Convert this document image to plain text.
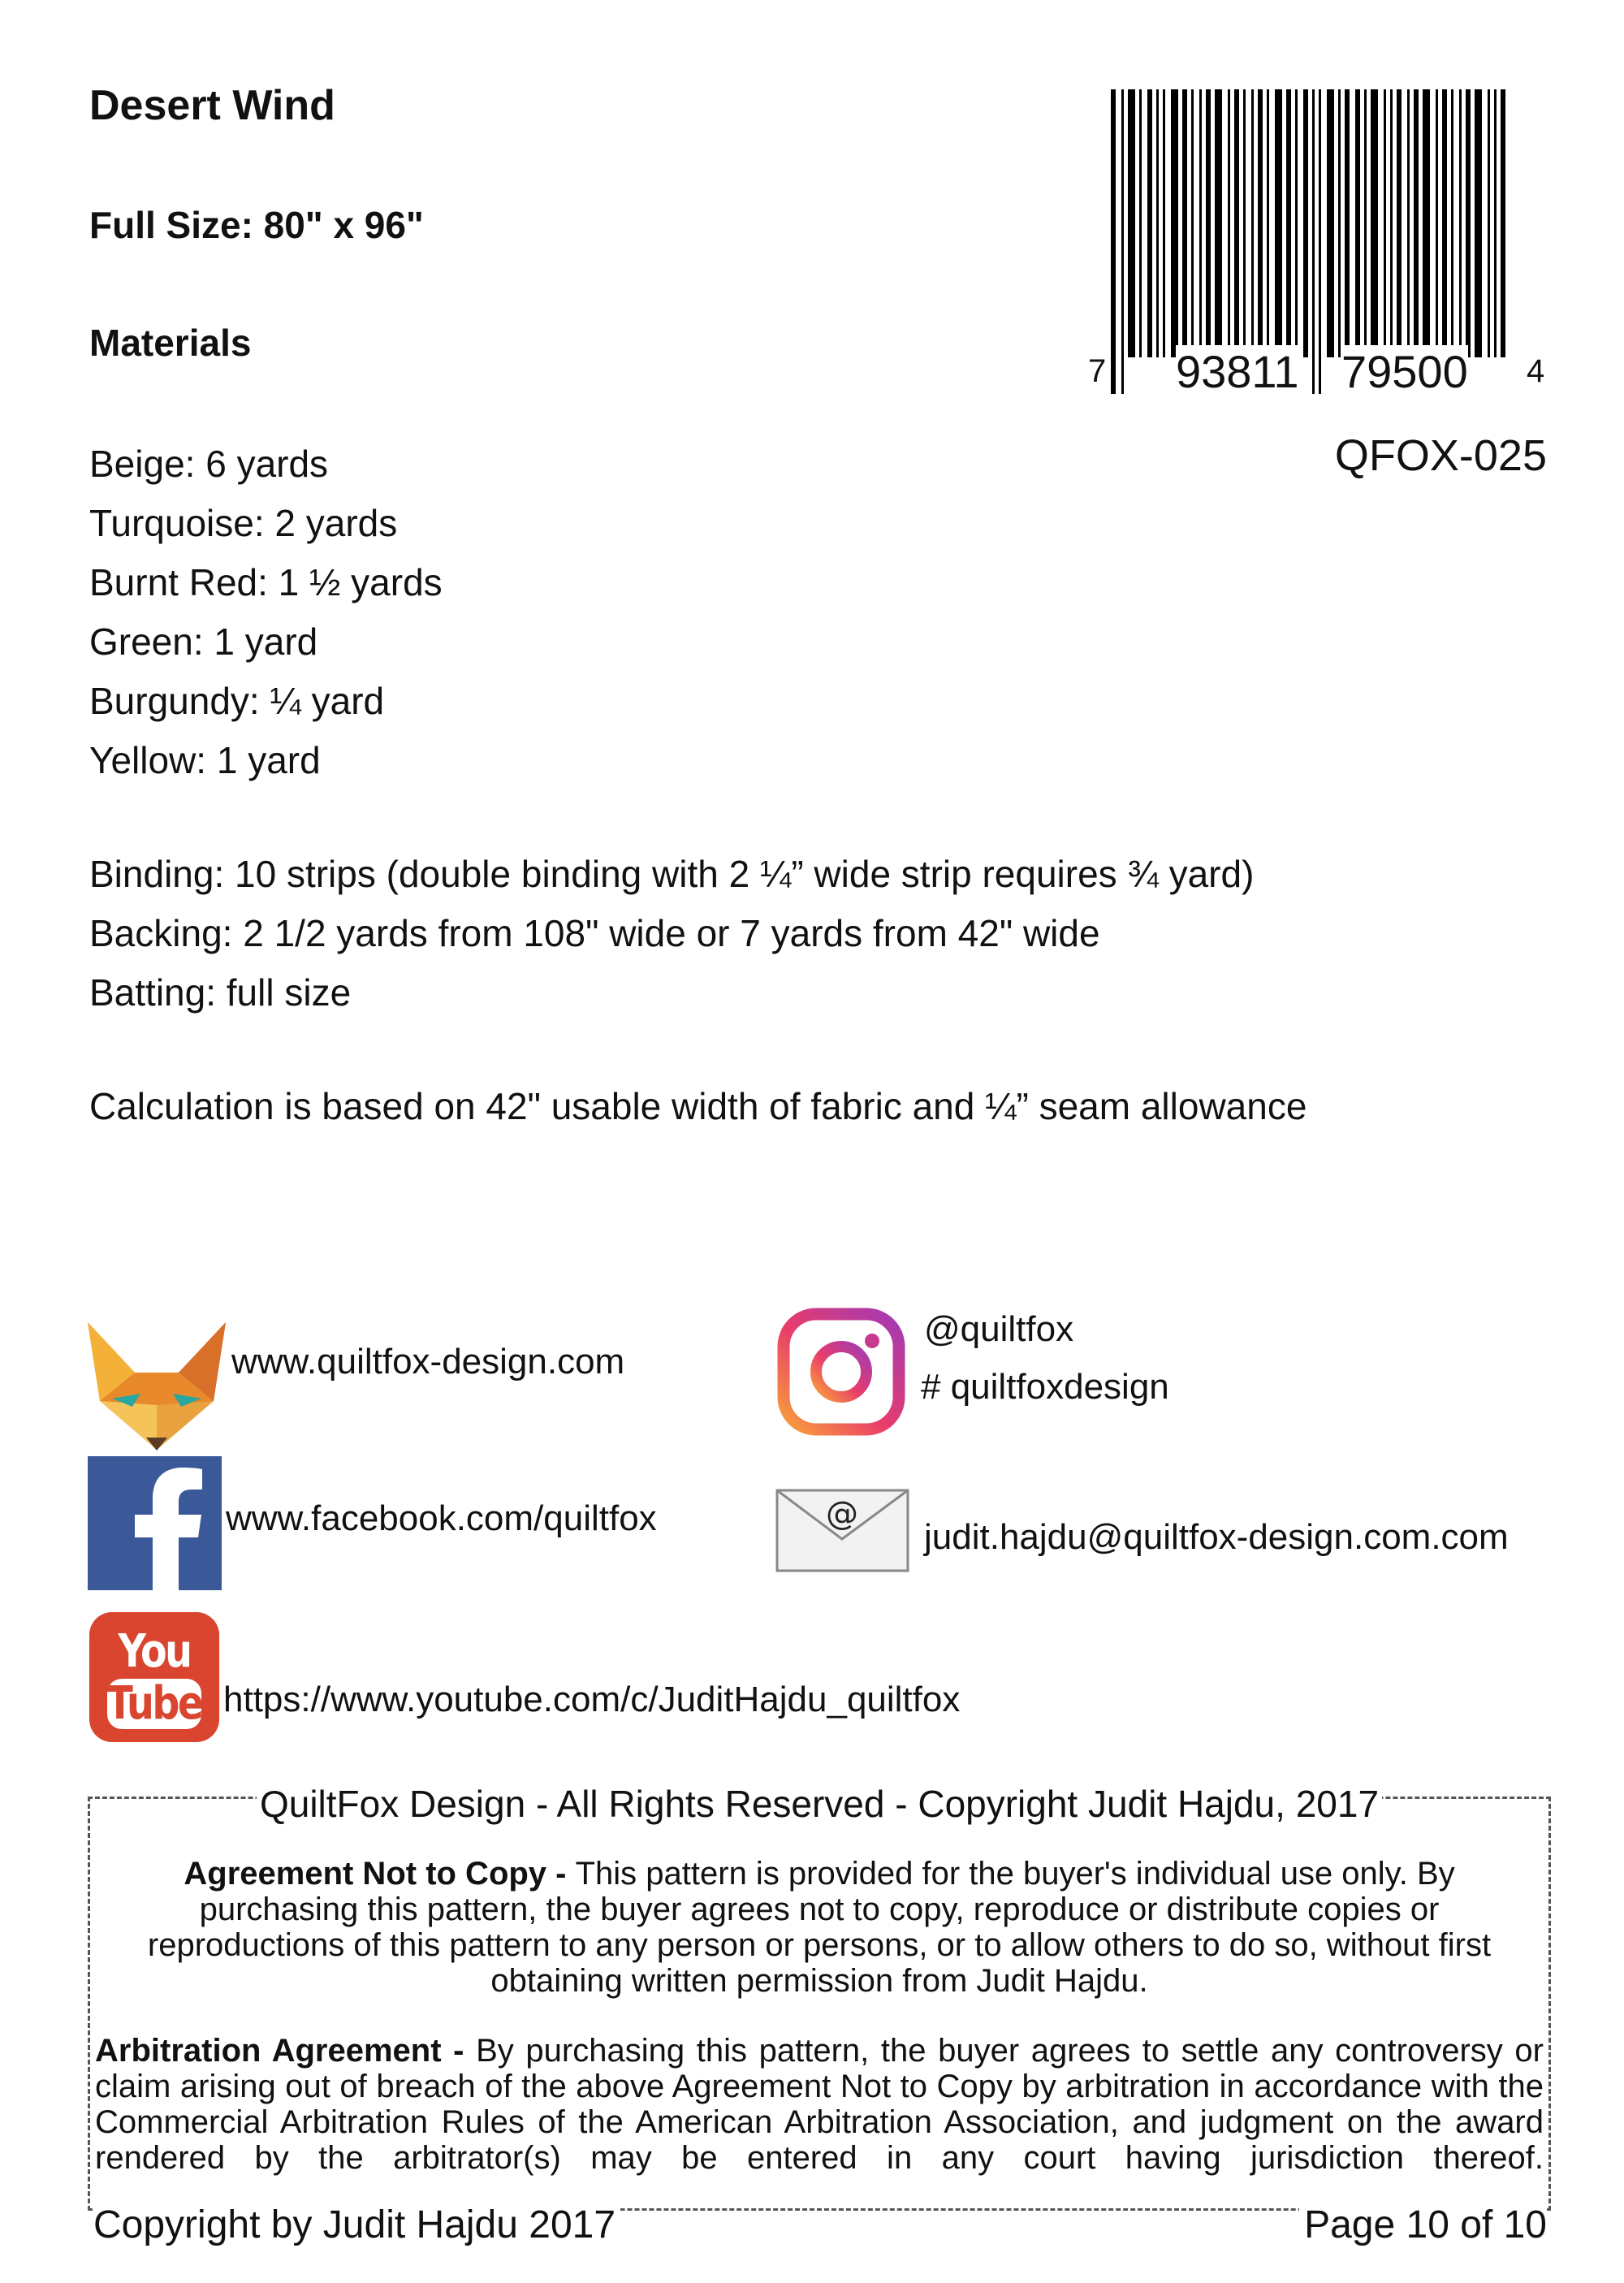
Desert Wind
Full Size: 80" x 96"
Materials
Beige: 6 yards
Turquoise: 2 yards
Burnt Red: 1 ½ yards
Green: 1 yard
Burgundy: ¼ yard
Yellow: 1 yard
Binding: 10 strips (double binding with 2 ¼” wide strip requires ¾ yard)
Backing: 2 1/2 yards from 108" wide or 7 yards from 42" wide
Batting: full size
Calculation is based on 42" usable width of fabric and ¼” seam allowance
7 93811 79500 4
QFOX-025
www.quiltfox-design.com
www.facebook.com/quiltfox
You
Tube https://www.youtube.com/c/JuditHajdu_quiltfox
@quiltfox
# quiltfoxdesign
@
judit.hajdu@quiltfox-design.com.com
QuiltFox Design - All Rights Reserved - Copyright Judit Hajdu, 2017

Agreement Not to Copy - This pattern is provided for the buyer's individual use only. By purchasing this pattern, the buyer agrees not to copy, reproduce or distribute copies or reproductions of this pattern to any person or persons, or to allow others to do so, without first obtaining written permission from Judit Hajdu.

Arbitration Agreement - By purchasing this pattern, the buyer agrees to settle any controversy or claim arising out of breach of the above Agreement Not to Copy by arbitration in accordance with the Commercial Arbitration Rules of the American Arbitration Association, and judgment on the award rendered by the arbitrator(s) may be entered in any court having jurisdiction thereof.

Copyright by Judit Hajdu 2017	Page 10 of 10
